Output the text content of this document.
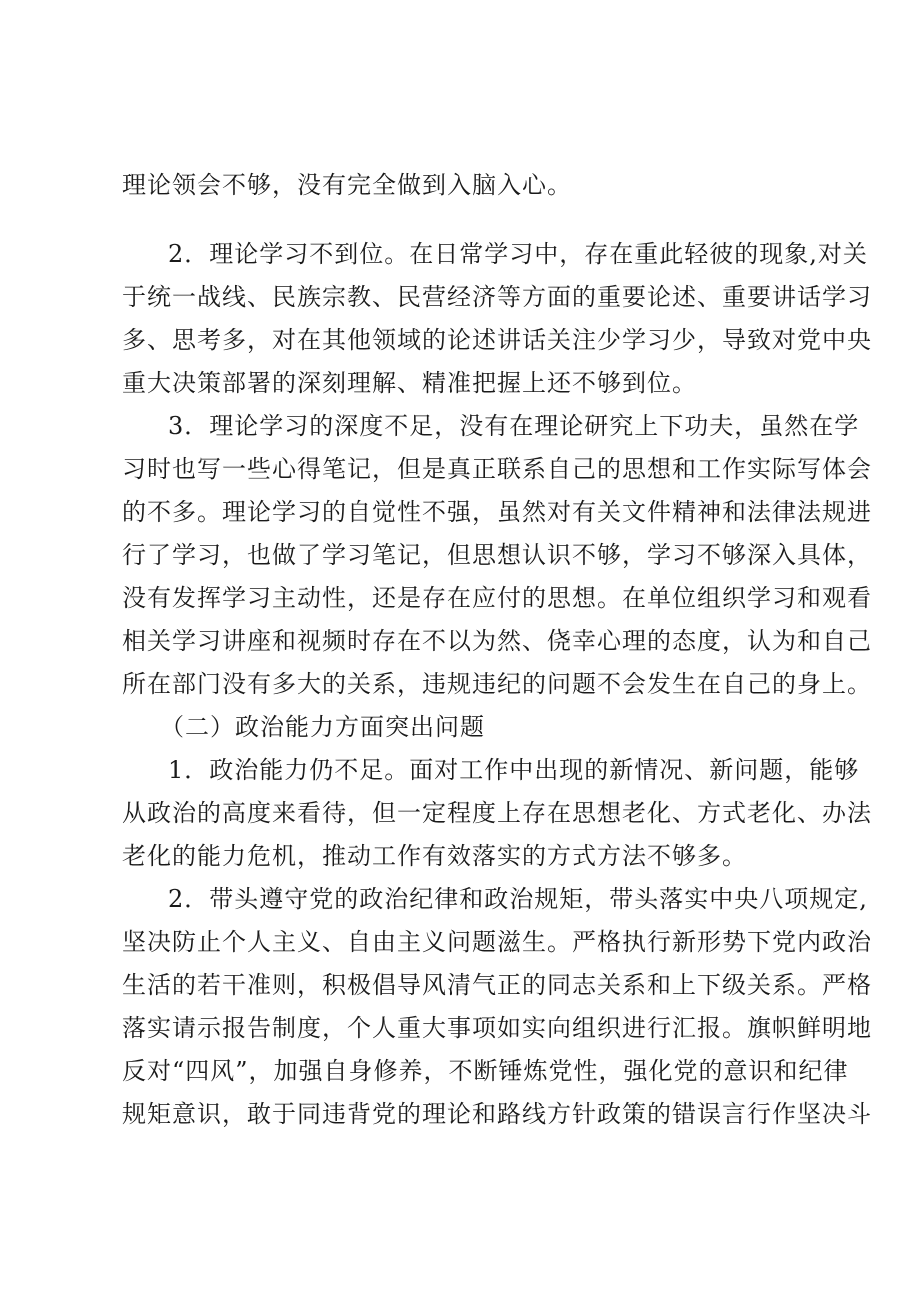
理论领会不够，没有完全做到入脑入心。
2．理论学习不到位。在日常学习中，存在重此轻彼的现象,对关
于统一战线、民族宗教、民营经济等方面的重要论述、重要讲话学习
多、思考多，对在其他领域的论述讲话关注少学习少，导致对党中央
重大决策部署的深刻理解、精准把握上还不够到位。
3．理论学习的深度不足，没有在理论研究上下功夫，虽然在学
习时也写一些心得笔记，但是真正联系自己的思想和工作实际写体会
的不多。理论学习的自觉性不强，虽然对有关文件精神和法律法规进
行了学习，也做了学习笔记，但思想认识不够，学习不够深入具体，
没有发挥学习主动性，还是存在应付的思想。在单位组织学习和观看
相关学习讲座和视频时存在不以为然、侥幸心理的态度，认为和自己
所在部门没有多大的关系，违规违纪的问题不会发生在自己的身上。
（二）政治能力方面突出问题
1．政治能力仍不足。面对工作中出现的新情况、新问题，能够
从政治的高度来看待，但一定程度上存在思想老化、方式老化、办法
老化的能力危机，推动工作有效落实的方式方法不够多。
2．带头遵守党的政治纪律和政治规矩，带头落实中央八项规定,
坚决防止个人主义、自由主义问题滋生。严格执行新形势下党内政治
生活的若干准则，积极倡导风清气正的同志关系和上下级关系。严格
落实请示报告制度，个人重大事项如实向组织进行汇报。旗帜鲜明地
反对“四风”，加强自身修养，不断锤炼党性，强化党的意识和纪律
规矩意识，敢于同违背党的理论和路线方针政策的错误言行作坚决斗
